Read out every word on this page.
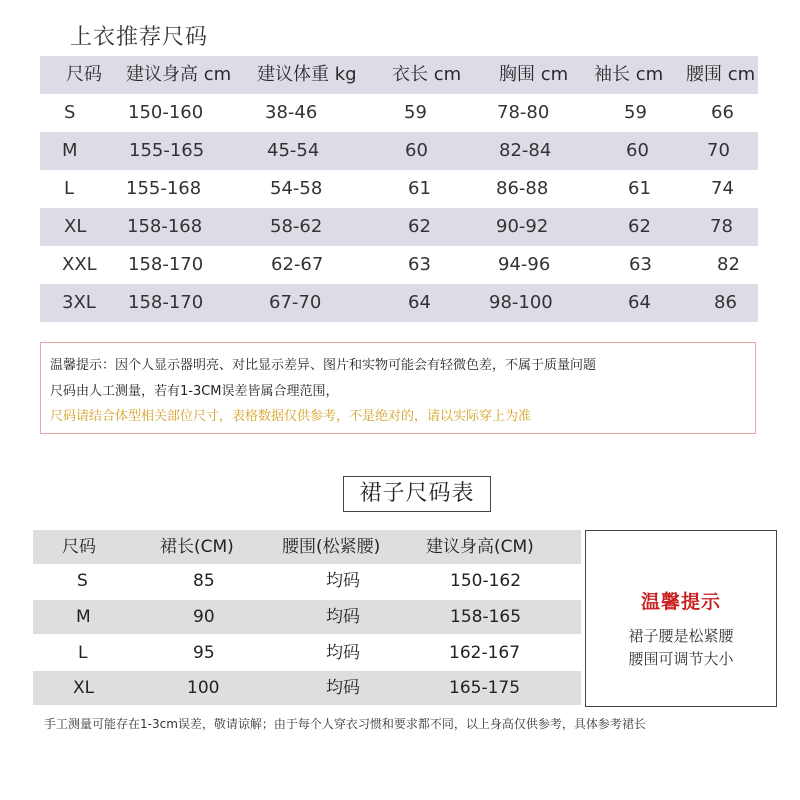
上衣推荐尺码
尺码 建议身高 cm 建议体重 kg 衣长 cm 胸围 cm 袖长 cm 腰围 cm
S	150-160	38-46	59	78-80	59	66
M	155-165	45-54	60	82-84	60	70
L	155-168	54-58	61	86-88	61	74
XL 158-168	58-62	62	90-92	62	78
XXL 158-170	62-67	63	94-96	63	82
3XL 158-170	67-70	64	98-100	64	86
温馨提示：因个人显示器明亮、对比显示差异、图片和实物可能会有轻微色差，不属于质量问题
尺码由人工测量，若有1-3CM误差皆属合理范围，
尺码请结合体型相关部位尺寸，表格数据仅供参考，不是绝对的，请以实际穿上为准
裙子尺码表
尺码	裙长(CM)	腰围(松紧腰)	建议身高(CM)
S	85	均码	150-162
M	90	均码	158-165
L	95	均码	162-167
XL	100	均码	165-175
温馨提示
裙子腰是松紧腰
腰围可调节大小
手工测量可能存在1-3cm误差，敬请谅解；由于每个人穿衣习惯和要求都不同，以上身高仅供参考，具体参考裙长
